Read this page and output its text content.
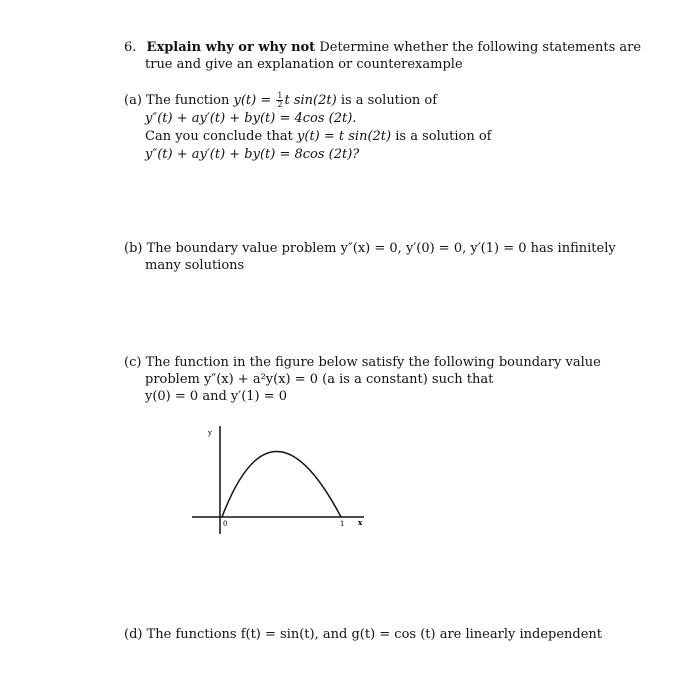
6. Explain why or why not Determine whether the following statements are
true and give an explanation or counterexample
(a) The function $y(t) = \frac{1}{2}$ t sin(2t) is a solution of
y″(t) + ay′(t) + by(t) = 4cos (2t).
Can you conclude that y(t) = t sin(2t) is a solution of
y″(t) + ay′(t) + by(t) = 8cos (2t)?
(b) The boundary value problem y″(x) = 0, y′(0) = 0, y′(1) = 0 has infinitely
many solutions
(c) The function in the figure below satisfy the following boundary value
problem y″(x) + a²y(x) = 0 (a is a constant) such that
y(0) = 0 and y′(1) = 0
y
0	1 x
(d) The functions f(t) = sin(t), and g(t) = cos (t) are linearly independent
